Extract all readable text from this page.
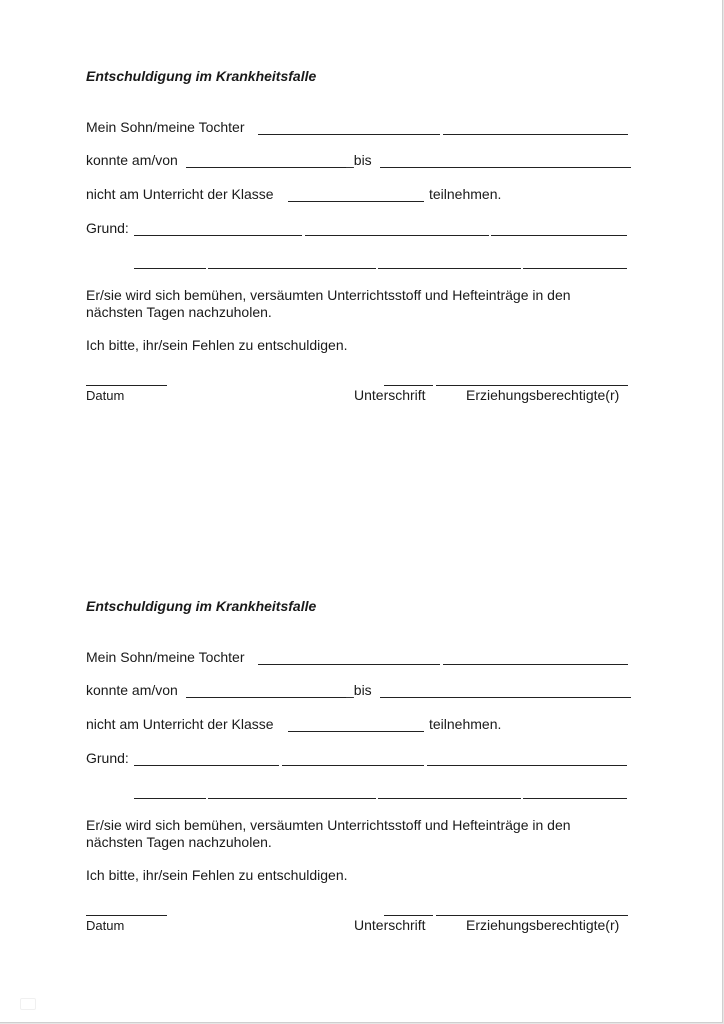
Entschuldigung im Krankheitsfalle
Mein Sohn/meine Tochter
konnte am/von	_bis
nicht am Unterricht der Klasse	teilnehmen.
Grund:
Er/sie wird sich bemühen, versäumten Unterrichtsstoff und Hefteinträge in den
nächsten Tagen nachzuholen.
Ich bitte, ihr/sein Fehlen zu entschuldigen.
Datum	Unterschrift	Erziehungsberechtigte(r)
Entschuldigung im Krankheitsfalle
Mein Sohn/meine Tochter
konnte am/von	_bis
nicht am Unterricht der Klasse	teilnehmen.
Grund:
Er/sie wird sich bemühen, versäumten Unterrichtsstoff und Hefteinträge in den
nächsten Tagen nachzuholen.
Ich bitte, ihr/sein Fehlen zu entschuldigen.
Datum	Unterschrift	Erziehungsberechtigte(r)
